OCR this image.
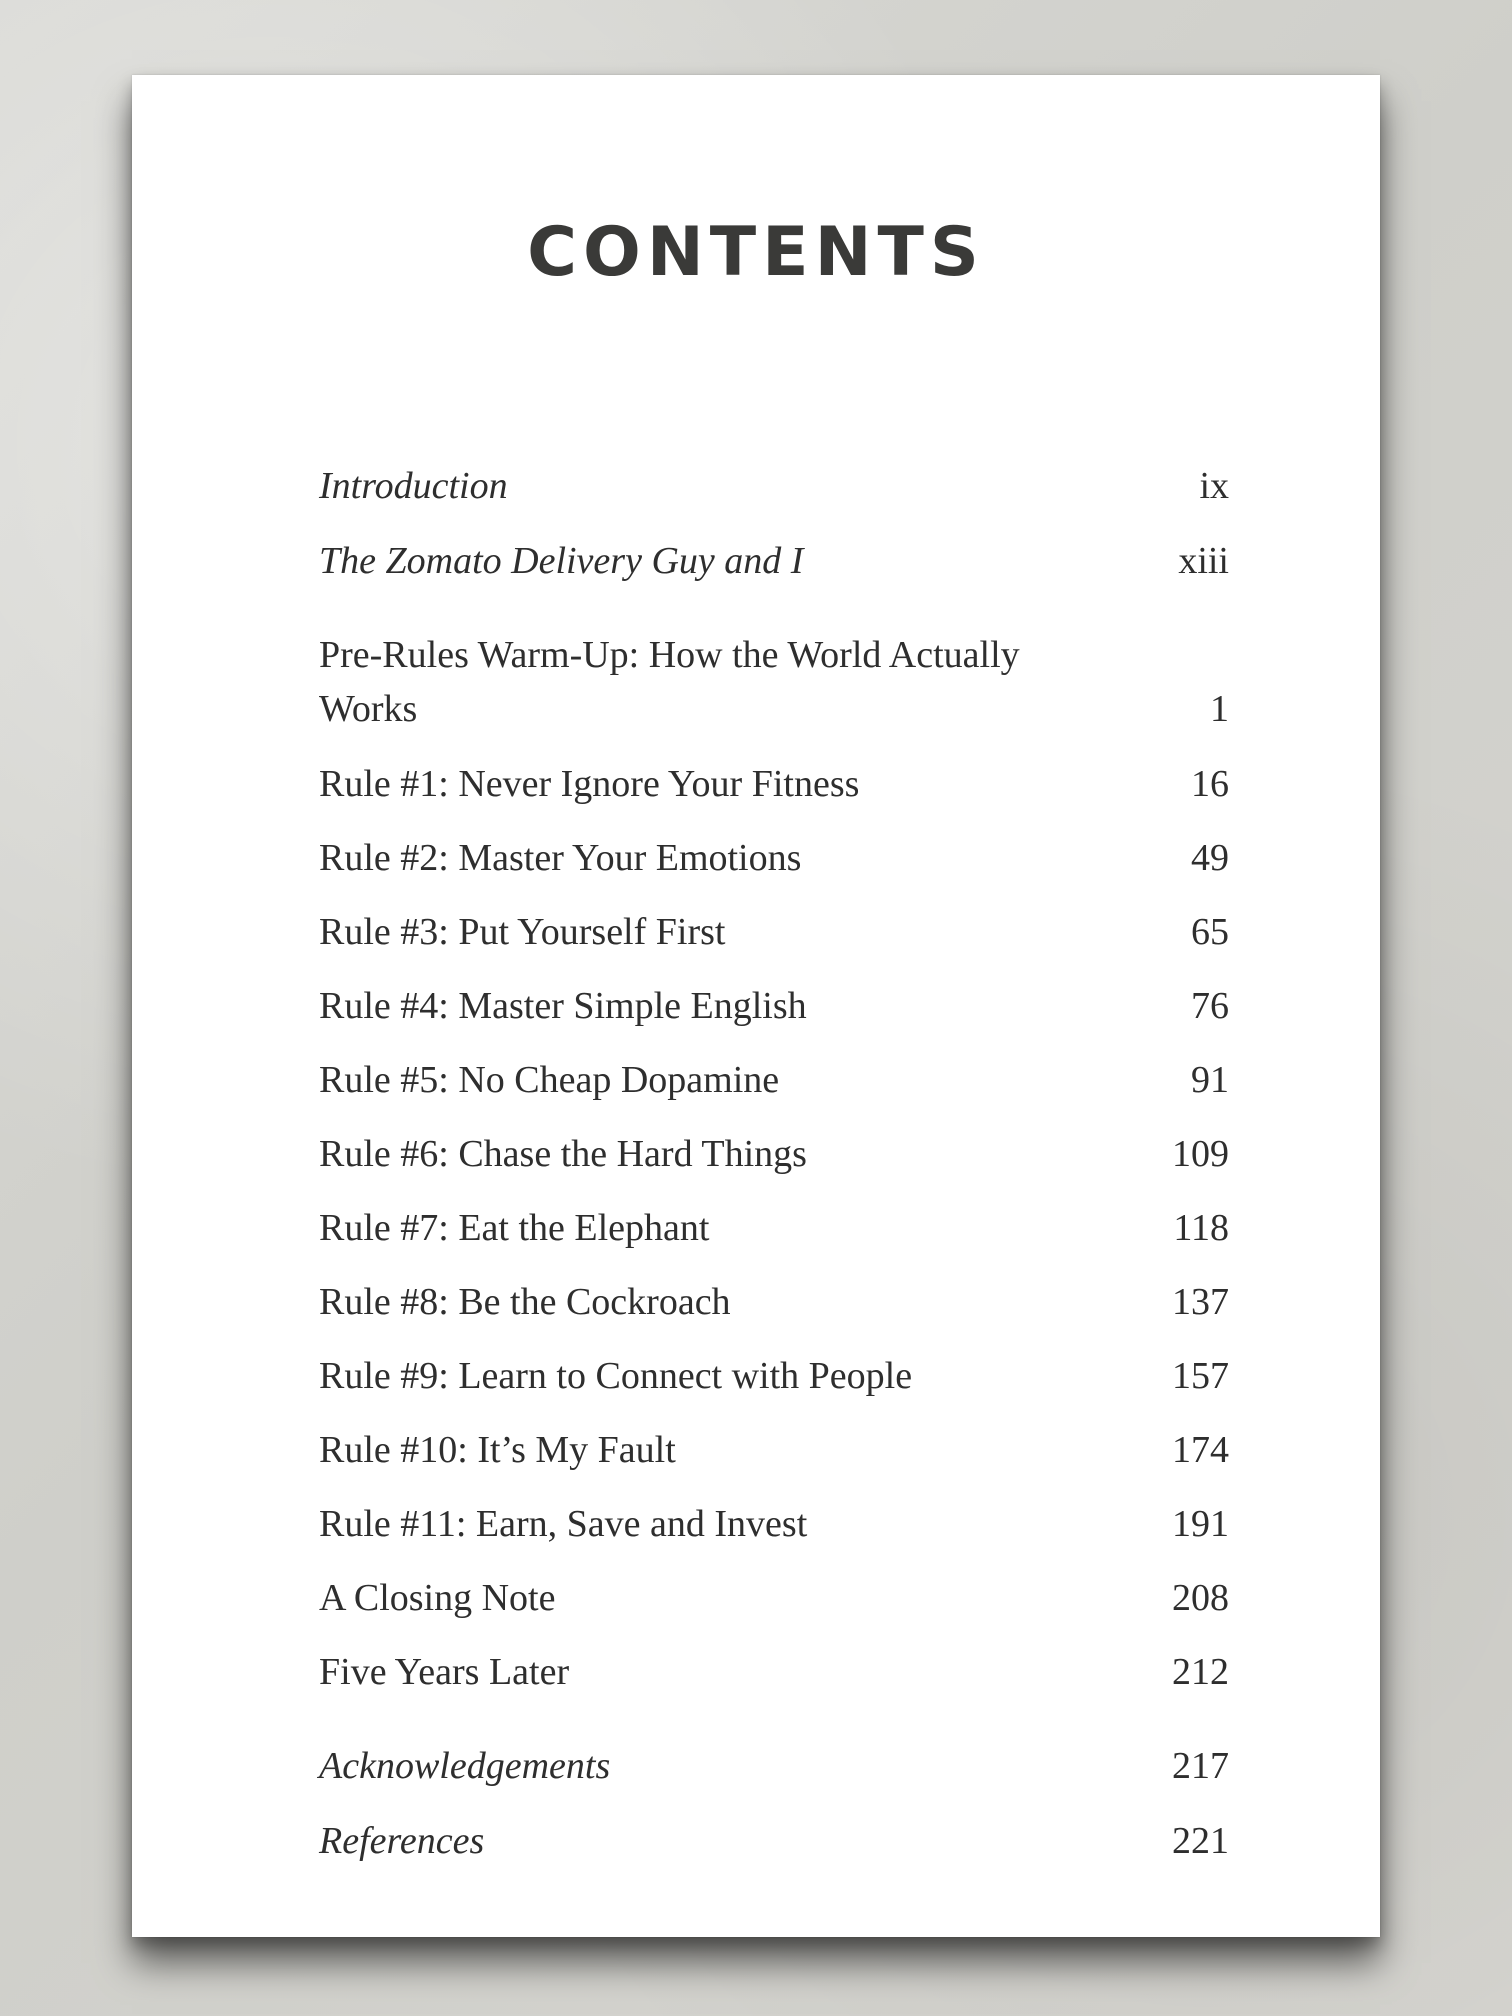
CONTENTS
Introduction	ix
The Zomato Delivery Guy and I	xiii
Pre-Rules Warm-Up: How the World Actually Works	1
Rule #1: Never Ignore Your Fitness	16
Rule #2: Master Your Emotions	49
Rule #3: Put Yourself First	65
Rule #4: Master Simple English	76
Rule #5: No Cheap Dopamine	91
Rule #6: Chase the Hard Things	109
Rule #7: Eat the Elephant	118
Rule #8: Be the Cockroach	137
Rule #9: Learn to Connect with People	157
Rule #10: It’s My Fault	174
Rule #11: Earn, Save and Invest	191
A Closing Note	208
Five Years Later	212
Acknowledgements	217
References	221
